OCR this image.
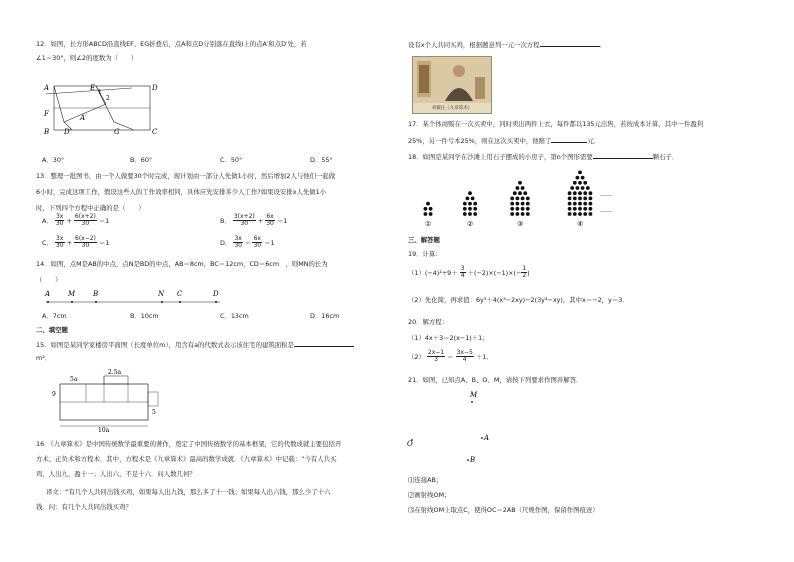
12．如图，长方形ABCD沿直线EF、EG折叠后，点A和点D分别落在直线l上的点A′和点D′处，若
∠1＝30°，则∠2的度数为（　　）
A	E	D
F
B	G	C
D′
A′
1
2
A．30°	B．60°	C．50°	D．55°
13．整理一批图书，由一个人做要30个时完成，现计划由一部分人先做1小时，然后增加2人与他们一起做
6小时，完成这项工作，假设这些人的工作效率相同，具体应先安排多少人工作?如果设安排x人先做1小
时，下列四个方程中正确的是（　　）
A． $\frac{3x}{30} + \frac{6(x+2)}{30} =1$	B． $\frac{3(x+2)}{30} + \frac{6x}{30} =1$
C． $\frac{3x}{30} + \frac{6(x-2)}{30} =1$	D． $\frac{3x}{30} - \frac{6x}{30} =1$
14．如图，点M是AB的中点，点N是BD的中点，AB＝8cm，BC＝12cm，CD＝6cm　，则MN的长为
（　　）
A	M	B	N C	D
A．7cm	B．10cm	C．13cm	D．16cm
二、填空题
15．如图是某同学家楼房平面图（长度单位m），用含有a的代数式表示该住宅的建筑面积是
m²．
5a
2.5a
9
5
10a
16．《九章算术》是中国传统数学最重要的著作，奠定了中国传统数学的基本框架，它的代数成就主要包括开
方术、正负术和方程术．其中，方程术是《九章算术》最高的数学成就．《九章算术》中记载：“今有人共买
鸡，人出九，盈十一；人出六，不足十六．问人数几何？
译文：“有几个人共同出钱买鸡，如果每人出九钱，那么多了十一钱；如果每人出六钱，那么少了十六
钱．问：有几个人共同出钱买鸡？
设有x个人共同买鸡，根据题意列一元一次方程	．
刘徽注《九章算术》
17．某个体商贩在一次买卖中，同时卖出两件上衣，每件都以135元出售，若按成本计算，其中一件盈利
25%，另一件亏本25%，则在这次买卖中，他赔了	元．
18．如图是某同学在沙滩上用石子摆成的小房子，第n个图形需要	颗石子．
①	②	③	④
……
……
三、解答题
19．计算：
$(1)(-4)^2\div 9+ \frac{3}{4} +(-2)\times(-1)\times(- \frac{1}{2}$ )
（2）先化简，再求值：6y³＋4(x³−2xy)−2(3y³−xy)，其中x＝−2，y＝3．
20．解方程：
（1）4x＋3＝2(x−1)＋1；
$(2) \frac{2x-1}{3} = \frac{3x-5}{4} +1$．
21．如图，已知点A、B、O、M，请按下列要求作图并解答．
M
O
A
B
⑴连接AB；
⑵画射线OM；
⑶在射线OM上取点C，使得OC＝2AB（尺规作图，保留作图痕迹）
